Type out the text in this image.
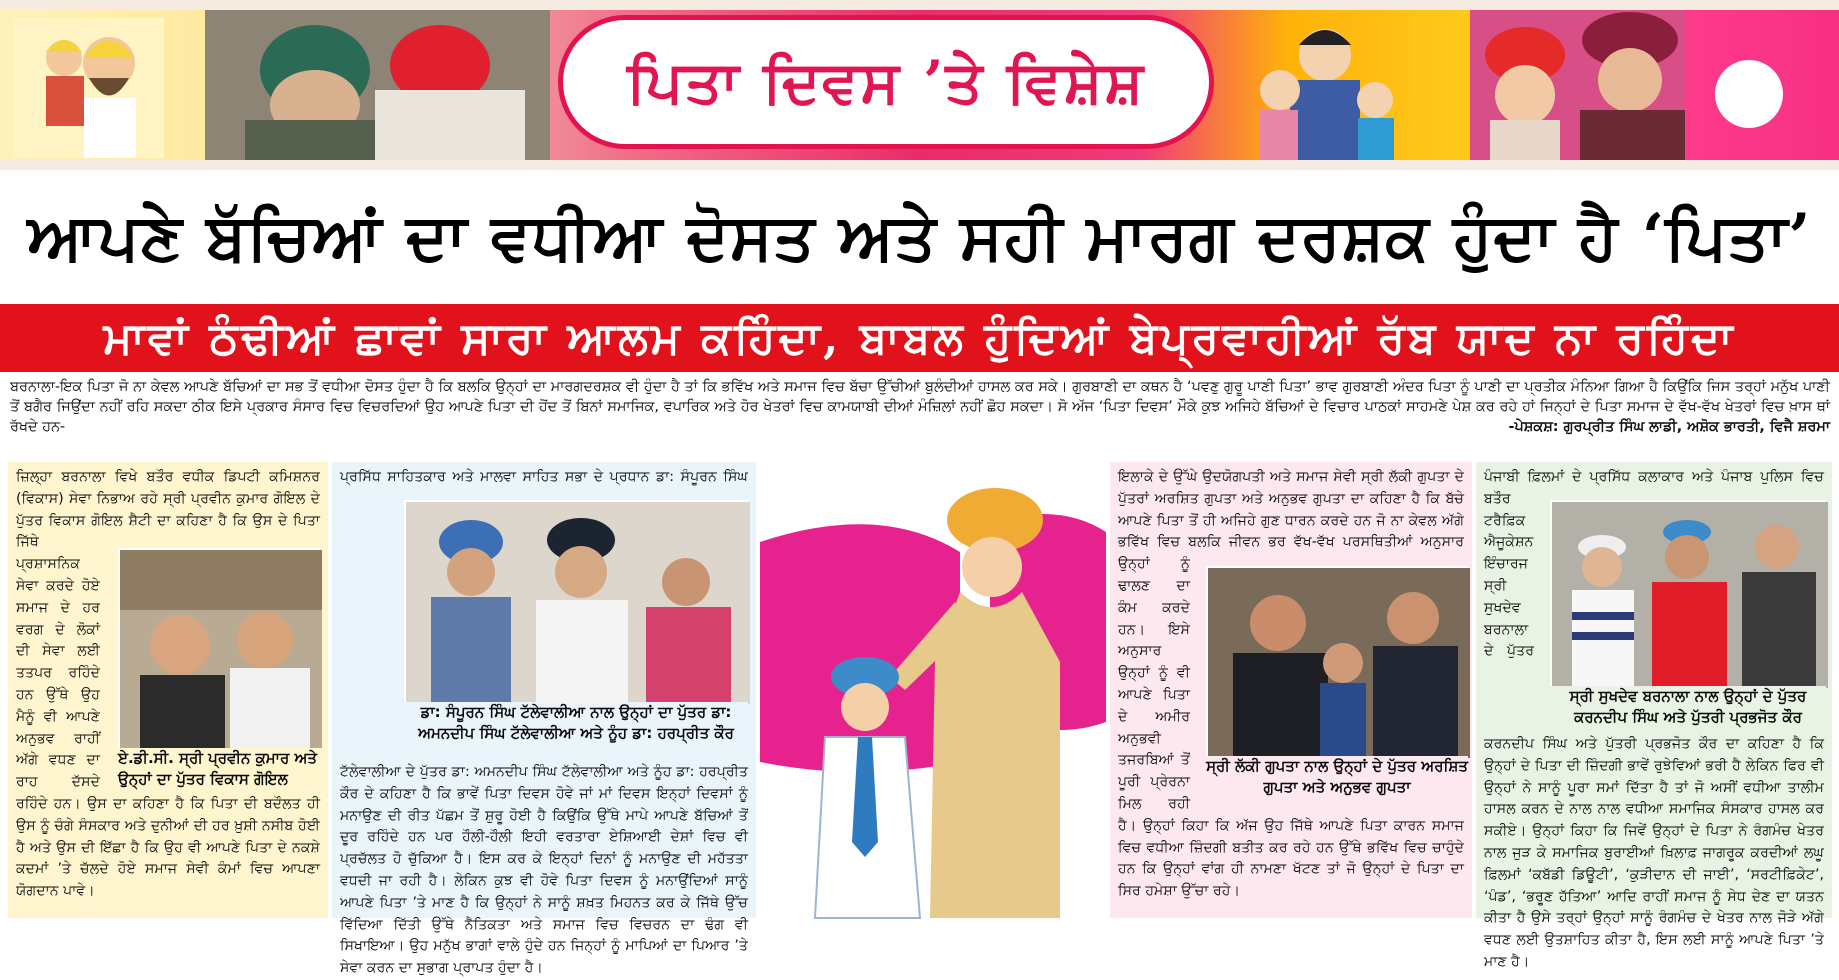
ਪਿਤਾ ਦਿਵਸ ’ਤੇ ਵਿਸ਼ੇਸ਼
ਆਪਣੇ ਬੱਚਿਆਂ ਦਾ ਵਧੀਆ ਦੋਸਤ ਅਤੇ ਸਹੀ ਮਾਰਗ ਦਰਸ਼ਕ ਹੁੰਦਾ ਹੈ ‘ਪਿਤਾ’
ਮਾਵਾਂ ਠੰਢੀਆਂ ਛਾਵਾਂ ਸਾਰਾ ਆਲਮ ਕਹਿੰਦਾ, ਬਾਬਲ ਹੁੰਦਿਆਂ ਬੇਪ੍ਰਵਾਹੀਆਂ ਰੱਬ ਯਾਦ ਨਾ ਰਹਿੰਦਾ
ਬਰਨਾਲਾ-ਇਕ ਪਿਤਾ ਜੋ ਨਾ ਕੇਵਲ ਆਪਣੇ ਬੱਚਿਆਂ ਦਾ ਸਭ ਤੋਂ ਵਧੀਆ ਦੋਸਤ ਹੁੰਦਾ ਹੈ ਕਿ ਬਲਕਿ ਉਨ੍ਹਾਂ ਦਾ ਮਾਰਗਦਰਸ਼ਕ ਵੀ ਹੁੰਦਾ ਹੈ ਤਾਂ ਕਿ ਭਵਿੱਖ ਅਤੇ ਸਮਾਜ ਵਿਚ ਬੱਚਾ ਉੱਚੀਆਂ ਬੁਲੰਦੀਆਂ ਹਾਸਲ ਕਰ ਸਕੇ। ਗੁਰਬਾਣੀ ਦਾ ਕਥਨ ਹੈ ‘ਪਵਣੁ ਗੁਰੂ ਪਾਣੀ ਪਿਤਾ’ ਭਾਵ ਗੁਰਬਾਣੀ ਅੰਦਰ ਪਿਤਾ ਨੂੰ ਪਾਣੀ ਦਾ ਪ੍ਰਤੀਕ ਮੰਨਿਆ ਗਿਆ ਹੈ ਕਿਉਂਕਿ ਜਿਸ ਤਰ੍ਹਾਂ ਮਨੁੱਖ ਪਾਣੀ ਤੋਂ ਬਗੈਰ ਜਿਉਂਦਾ ਨਹੀਂ ਰਹਿ ਸਕਦਾ ਠੀਕ ਇਸੇ ਪ੍ਰਕਾਰ ਸੰਸਾਰ ਵਿਚ ਵਿਚਰਦਿਆਂ ਉਹ ਆਪਣੇ ਪਿਤਾ ਦੀ ਹੋਂਦ ਤੋਂ ਬਿਨਾਂ ਸਮਾਜਿਕ, ਵਪਾਰਿਕ ਅਤੇ ਹੋਰ ਖੇਤਰਾਂ ਵਿਚ ਕਾਮਯਾਬੀ ਦੀਆਂ ਮੰਜ਼ਿਲਾਂ ਨਹੀਂ ਛੋਹ ਸਕਦਾ। ਸੋ ਅੱਜ ‘ਪਿਤਾ ਦਿਵਸ’ ਮੌਕੇ ਕੁਝ ਅਜਿਹੇ ਬੱਚਿਆਂ ਦੇ ਵਿਚਾਰ ਪਾਠਕਾਂ ਸਾਹਮਣੇ ਪੇਸ਼ ਕਰ ਰਹੇ ਹਾਂ ਜਿਨ੍ਹਾਂ ਦੇ ਪਿਤਾ ਸਮਾਜ ਦੇ ਵੱਖ-ਵੱਖ ਖੇਤਰਾਂ ਵਿਚ ਖ਼ਾਸ ਥਾਂ ਰੱਖਦੇ ਹਨ-	-ਪੇਸ਼ਕਸ਼: ਗੁਰਪ੍ਰੀਤ ਸਿੰਘ ਲਾਡੀ, ਅਸ਼ੋਕ ਭਾਰਤੀ, ਵਿਜੈ ਸ਼ਰਮਾ

ਜ਼ਿਲ੍ਹਾ ਬਰਨਾਲਾ ਵਿਖੇ ਬਤੌਰ ਵਧੀਕ ਡਿਪਟੀ ਕਮਿਸ਼ਨਰ (ਵਿਕਾਸ) ਸੇਵਾ ਨਿਭਾਅ ਰਹੇ ਸ੍ਰੀ ਪ੍ਰਵੀਨ ਕੁਮਾਰ ਗੋਇਲ ਦੇ ਪੁੱਤਰ ਵਿਕਾਸ ਗੋਇਲ ਸ਼ੈਟੀ ਦਾ ਕਹਿਣਾ ਹੈ ਕਿ ਉਸ ਦੇ ਪਿਤਾ ਜਿੱਥੇ ਪ੍ਰਸ਼ਾਸਨਿਕ ਸੇਵਾ ਕਰਦੇ ਹੋਏ ਸਮਾਜ ਦੇ ਹਰ ਵਰਗ ਦੇ ਲੋਕਾਂ ਦੀ ਸੇਵਾ ਲਈ ਤਤਪਰ ਰਹਿੰਦੇ ਹਨ ਉੱਥੇ ਉਹ ਮੈਨੂੰ ਵੀ ਆਪਣੇ ਅਨੁਭਵ ਰਾਹੀਂ ਅੱਗੇ ਵਧਣ ਦਾ ਰਾਹ ਦੱਸਦੇ ਰਹਿੰਦੇ ਹਨ। ਉਸ ਦਾ ਕਹਿਣਾ ਹੈ ਕਿ ਪਿਤਾ ਦੀ ਬਦੌਲਤ ਹੀ ਉਸ ਨੂੰ ਚੰਗੇ ਸੰਸਕਾਰ ਅਤੇ ਦੁਨੀਆਂ ਦੀ ਹਰ ਖ਼ੁਸ਼ੀ ਨਸੀਬ ਹੋਈ ਹੈ ਅਤੇ ਉਸ ਦੀ ਇੱਛਾ ਹੈ ਕਿ ਉਹ ਵੀ ਆਪਣੇ ਪਿਤਾ ਦੇ ਨਕਸ਼ੇ ਕਦਮਾਂ ’ਤੇ ਚੱਲਦੇ ਹੋਏ ਸਮਾਜ ਸੇਵੀ ਕੰਮਾਂ ਵਿਚ ਆਪਣਾ ਯੋਗਦਾਨ ਪਾਵੇ।

ਏ.ਡੀ.ਸੀ. ਸ੍ਰੀ ਪ੍ਰਵੀਨ ਕੁਮਾਰ ਅਤੇ ਉਨ੍ਹਾਂ ਦਾ ਪੁੱਤਰ ਵਿਕਾਸ ਗੋਇਲ

ਪ੍ਰਸਿੱਧ ਸਾਹਿਤਕਾਰ ਅਤੇ ਮਾਲਵਾ ਸਾਹਿਤ ਸਭਾ ਦੇ ਪ੍ਰਧਾਨ ਡਾ: ਸੰਪੂਰਨ ਸਿੰਘ ਟੱਲੇਵਾਲੀਆ ਦੇ ਪੁੱਤਰ ਡਾ: ਅਮਨਦੀਪ ਸਿੰਘ ਟੱਲੇਵਾਲੀਆ ਅਤੇ ਨੂੰਹ ਡਾ: ਹਰਪ੍ਰੀਤ ਕੌਰ ਦੇ ਕਹਿਣਾ ਹੈ ਕਿ ਭਾਵੇਂ ਪਿਤਾ ਦਿਵਸ ਹੋਵੇ ਜਾਂ ਮਾਂ ਦਿਵਸ ਇਨ੍ਹਾਂ ਦਿਵਸਾਂ ਨੂੰ ਮਨਾਉਣ ਦੀ ਰੀਤ ਪੱਛਮ ਤੋਂ ਸ਼ੁਰੂ ਹੋਈ ਹੈ ਕਿਉਂਕਿ ਉੱਥੇ ਮਾਪੇ ਆਪਣੇ ਬੱਚਿਆਂ ਤੋਂ ਦੂਰ ਰਹਿੰਦੇ ਹਨ ਪਰ ਹੌਲੀ-ਹੌਲੀ ਇਹੀ ਵਰਤਾਰਾ ਏਸ਼ਿਆਈ ਦੇਸ਼ਾਂ ਵਿਚ ਵੀ ਪ੍ਰਚੱਲਤ ਹੋ ਚੁੱਕਿਆ ਹੈ। ਇਸ ਕਰ ਕੇ ਇਨ੍ਹਾਂ ਦਿਨਾਂ ਨੂੰ ਮਨਾਉਣ ਦੀ ਮਹੱਤਤਾ ਵਧਦੀ ਜਾ ਰਹੀ ਹੈ। ਲੇਕਿਨ ਕੁਝ ਵੀ ਹੋਵੇ ਪਿਤਾ ਦਿਵਸ ਨੂੰ ਮਨਾਉਂਦਿਆਂ ਸਾਨੂੰ ਆਪਣੇ ਪਿਤਾ ’ਤੇ ਮਾਣ ਹੈ ਕਿ ਉਨ੍ਹਾਂ ਨੇ ਸਾਨੂੰ ਸ਼ਖ਼ਤ ਮਿਹਨਤ ਕਰ ਕੇ ਜਿੱਥੇ ਉੱਚ ਵਿੱਦਿਆ ਦਿੱਤੀ ਉੱਥੇ ਨੈਤਿਕਤਾ ਅਤੇ ਸਮਾਜ ਵਿਚ ਵਿਚਰਨ ਦਾ ਢੰਗ ਵੀ ਸਿਖਾਇਆ। ਉਹ ਮਨੁੱਖ ਭਾਗਾਂ ਵਾਲੇ ਹੁੰਦੇ ਹਨ ਜਿਨ੍ਹਾਂ ਨੂੰ ਮਾਪਿਆਂ ਦਾ ਪਿਆਰ ’ਤੇ ਸੇਵਾ ਕਰਨ ਦਾ ਸੁਭਾਗ ਪ੍ਰਾਪਤ ਹੁੰਦਾ ਹੈ।

ਡਾ: ਸੰਪੂਰਨ ਸਿੰਘ ਟੱਲੇਵਾਲੀਆ ਨਾਲ ਉਨ੍ਹਾਂ ਦਾ ਪੁੱਤਰ ਡਾ: ਅਮਨਦੀਪ ਸਿੰਘ ਟੱਲੇਵਾਲੀਆ ਅਤੇ ਨੂੰਹ ਡਾ: ਹਰਪ੍ਰੀਤ ਕੌਰ

ਇਲਾਕੇ ਦੇ ਉੱਘੇ ਉਦਯੋਗਪਤੀ ਅਤੇ ਸਮਾਜ ਸੇਵੀ ਸ੍ਰੀ ਲੱਕੀ ਗੁਪਤਾ ਦੇ ਪੁੱਤਰਾਂ ਅਰਸ਼ਿਤ ਗੁਪਤਾ ਅਤੇ ਅਨੁਭਵ ਗੁਪਤਾ ਦਾ ਕਹਿਣਾ ਹੈ ਕਿ ਬੱਚੇ ਆਪਣੇ ਪਿਤਾ ਤੋਂ ਹੀ ਅਜਿਹੇ ਗੁਣ ਧਾਰਨ ਕਰਦੇ ਹਨ ਜੋ ਨਾ ਕੇਵਲ ਅੱਗੇ ਭਵਿੱਖ ਵਿਚ ਬਲਕਿ ਜੀਵਨ ਭਰ ਵੱਖ-ਵੱਖ ਪਰਸਥਿਤੀਆਂ ਅਨੁਸਾਰ ਉਨ੍ਹਾਂ ਨੂੰ ਢਾਲਣ ਦਾ ਕੰਮ ਕਰਦੇ ਹਨ। ਇਸੇ ਅਨੁਸਾਰ ਉਨ੍ਹਾਂ ਨੂੰ ਵੀ ਆਪਣੇ ਪਿਤਾ ਦੇ ਅਮੀਰ ਅਨੁਭਵੀ ਤਜਰਬਿਆਂ ਤੋਂ ਪੂਰੀ ਪ੍ਰੇਰਨਾ ਮਿਲ ਰਹੀ ਹੈ। ਉਨ੍ਹਾਂ ਕਿਹਾ ਕਿ ਅੱਜ ਉਹ ਜਿੱਥੇ ਆਪਣੇ ਪਿਤਾ ਕਾਰਨ ਸਮਾਜ ਵਿਚ ਵਧੀਆ ਜ਼ਿੰਦਗੀ ਬਤੀਤ ਕਰ ਰਹੇ ਹਨ ਉੱਥੇ ਭਵਿੱਖ ਵਿਚ ਚਾਹੁੰਦੇ ਹਨ ਕਿ ਉਨ੍ਹਾਂ ਵਾਂਗ ਹੀ ਨਾਮਣਾ ਖੱਟਣ ਤਾਂ ਜੋ ਉਨ੍ਹਾਂ ਦੇ ਪਿਤਾ ਦਾ ਸਿਰ ਹਮੇਸ਼ਾ ਉੱਚਾ ਰਹੇ।

ਸ੍ਰੀ ਲੱਕੀ ਗੁਪਤਾ ਨਾਲ ਉਨ੍ਹਾਂ ਦੇ ਪੁੱਤਰ ਅਰਸ਼ਿਤ ਗੁਪਤਾ ਅਤੇ ਅਨੁਭਵ ਗੁਪਤਾ

ਪੰਜਾਬੀ ਫ਼ਿਲਮਾਂ ਦੇ ਪ੍ਰਸਿੱਧ ਕਲਾਕਾਰ ਅਤੇ ਪੰਜਾਬ ਪੁਲਿਸ ਵਿਚ ਬਤੌਰ ਟਰੈਫ਼ਿਕ ਐਜੂਕੇਸ਼ਨ ਇੰਚਾਰਜ ਸ੍ਰੀ ਸੁਖਦੇਵ ਬਰਨਾਲਾ ਦੇ ਪੁੱਤਰ ਕਰਨਦੀਪ ਸਿੰਘ ਅਤੇ ਪੁੱਤਰੀ ਪ੍ਰਭਜੋਤ ਕੌਰ ਦਾ ਕਹਿਣਾ ਹੈ ਕਿ ਉਨ੍ਹਾਂ ਦੇ ਪਿਤਾ ਦੀ ਜ਼ਿੰਦਗੀ ਭਾਵੇਂ ਰੁਝੇਵਿਆਂ ਭਰੀ ਹੈ ਲੇਕਿਨ ਫਿਰ ਵੀ ਉਨ੍ਹਾਂ ਨੇ ਸਾਨੂੰ ਪੂਰਾ ਸਮਾਂ ਦਿੱਤਾ ਹੈ ਤਾਂ ਜੋ ਅਸੀਂ ਵਧੀਆ ਤਾਲੀਮ ਹਾਸਲ ਕਰਨ ਦੇ ਨਾਲ ਨਾਲ ਵਧੀਆ ਸਮਾਜਿਕ ਸੰਸਕਾਰ ਹਾਸਲ ਕਰ ਸਕੀਏ। ਉਨ੍ਹਾਂ ਕਿਹਾ ਕਿ ਜਿਵੇਂ ਉਨ੍ਹਾਂ ਦੇ ਪਿਤਾ ਨੇ ਰੰਗਮੰਚ ਖੇਤਰ ਨਾਲ ਜੁੜ ਕੇ ਸਮਾਜਿਕ ਬੁਰਾਈਆਂ ਖ਼ਿਲਾਫ਼ ਜਾਗਰੂਕ ਕਰਦੀਆਂ ਲਘੂ ਫ਼ਿਲਮਾਂ ‘ਕਬੱਡੀ ਡਿਊਟੀ’, ‘ਕੁੜੀਦਾਨ ਦੀ ਜਾਈ’, ‘ਸਰਟੀਫ਼ਿਕੇਟ’, ‘ਪੰਡ’, ‘ਭਰੂਣ ਹੱਤਿਆ’ ਆਦਿ ਰਾਹੀਂ ਸਮਾਜ ਨੂੰ ਸੇਧ ਦੇਣ ਦਾ ਯਤਨ ਕੀਤਾ ਹੈ ਉਸੇ ਤਰ੍ਹਾਂ ਉਨ੍ਹਾਂ ਸਾਨੂੰ ਰੰਗਮੰਚ ਦੇ ਖੇਤਰ ਨਾਲ ਜੋੜੇ ਅੱਗੇ ਵਧਣ ਲਈ ਉਤਸ਼ਾਹਿਤ ਕੀਤਾ ਹੈ, ਇਸ ਲਈ ਸਾਨੂੰ ਆਪਣੇ ਪਿਤਾ ’ਤੇ ਮਾਣ ਹੈ।

ਸ੍ਰੀ ਸੁਖਦੇਵ ਬਰਨਾਲਾ ਨਾਲ ਉਨ੍ਹਾਂ ਦੇ ਪੁੱਤਰ ਕਰਨਦੀਪ ਸਿੰਘ ਅਤੇ ਪੁੱਤਰੀ ਪ੍ਰਭਜੋਤ ਕੌਰ
